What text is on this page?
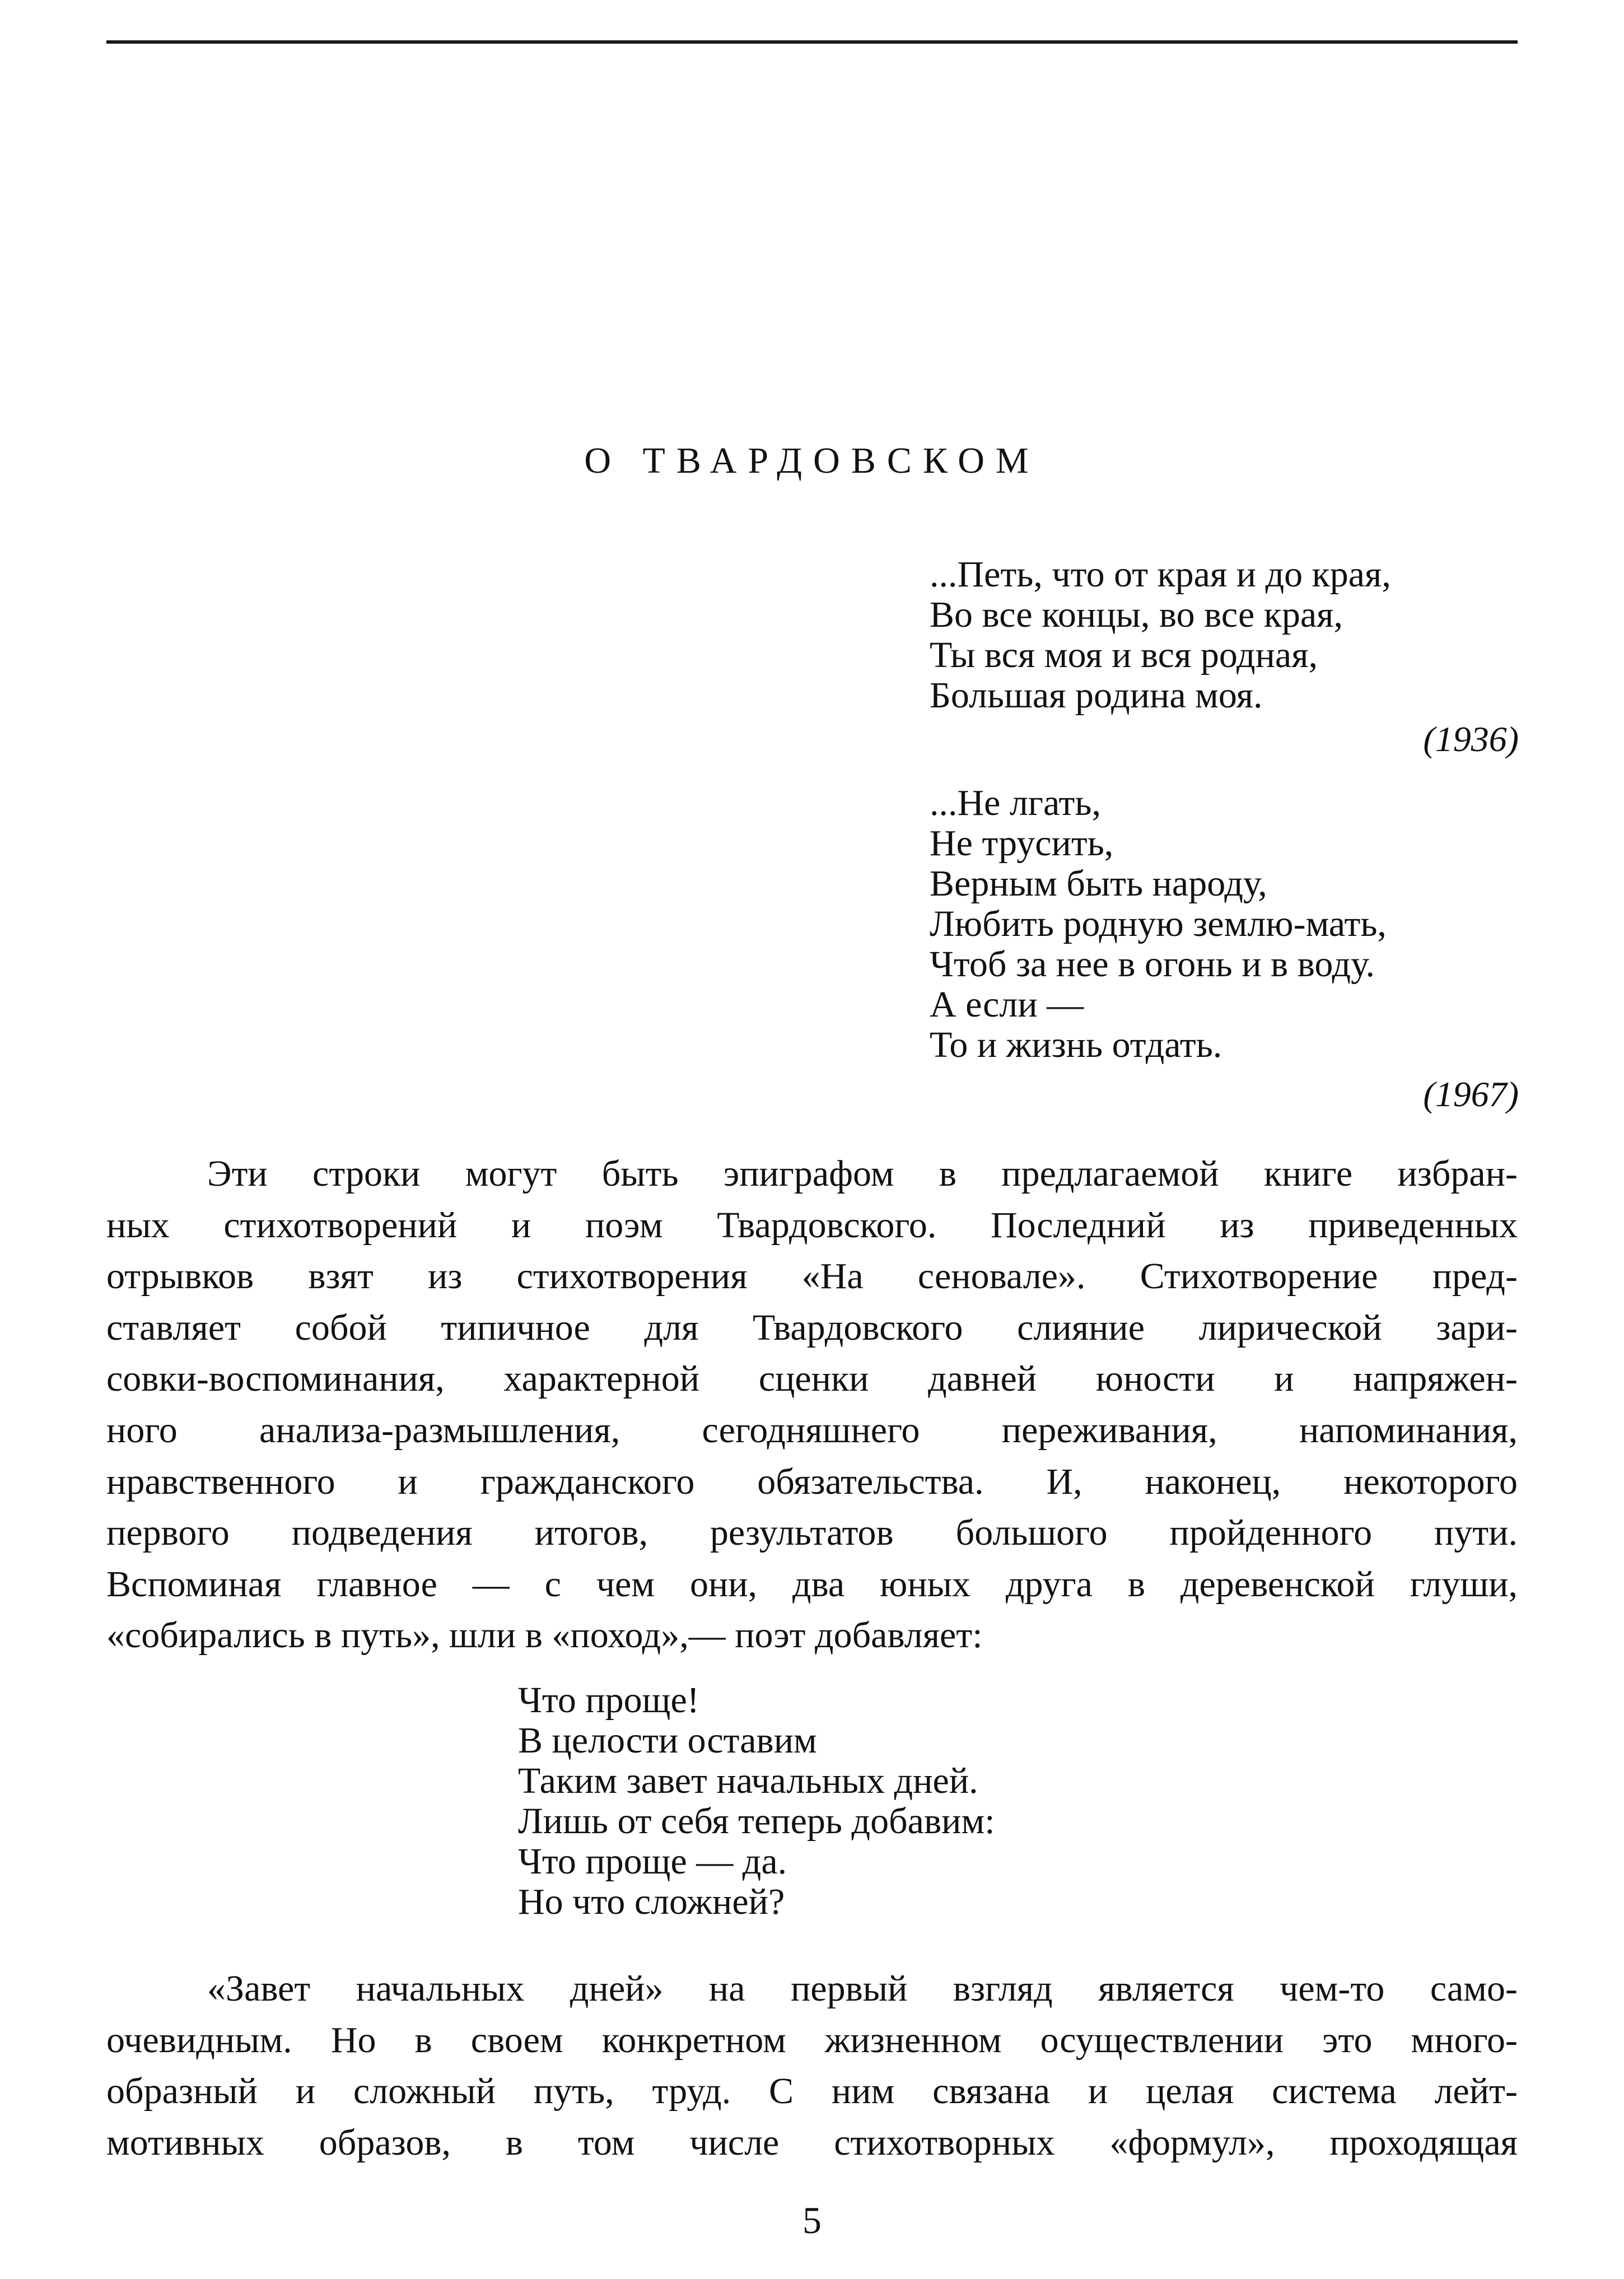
О ТВАРДОВСКОМ
...Петь, что от края и до края,
Во все концы, во все края,
Ты вся моя и вся родная,
Большая родина моя.
(1936)
...Не лгать,
Не трусить,
Верным быть народу,
Любить родную землю-мать,
Чтоб за нее в огонь и в воду.
А если —
То и жизнь отдать.
(1967)
Эти строки могут быть эпиграфом в предлагаемой книге избран-
ных стихотворений и поэм Твардовского. Последний из приведенных
отрывков взят из стихотворения «На сеновале». Стихотворение пред-
ставляет собой типичное для Твардовского слияние лирической зари-
совки-воспоминания, характерной сценки давней юности и напряжен-
ного анализа-размышления, сегодняшнего переживания, напоминания,
нравственного и гражданского обязательства. И, наконец, некоторого
первого подведения итогов, результатов большого пройденного пути.
Вспоминая главное — с чем они, два юных друга в деревенской глуши,
«собирались в путь», шли в «поход»,— поэт добавляет:
Что проще!
В целости оставим
Таким завет начальных дней.
Лишь от себя теперь добавим:
Что проще — да.
Но что сложней?
«Завет начальных дней» на первый взгляд является чем-то само-
очевидным. Но в своем конкретном жизненном осуществлении это много-
образный и сложный путь, труд. С ним связана и целая система лейт-
мотивных образов, в том числе стихотворных «формул», проходящая
5
